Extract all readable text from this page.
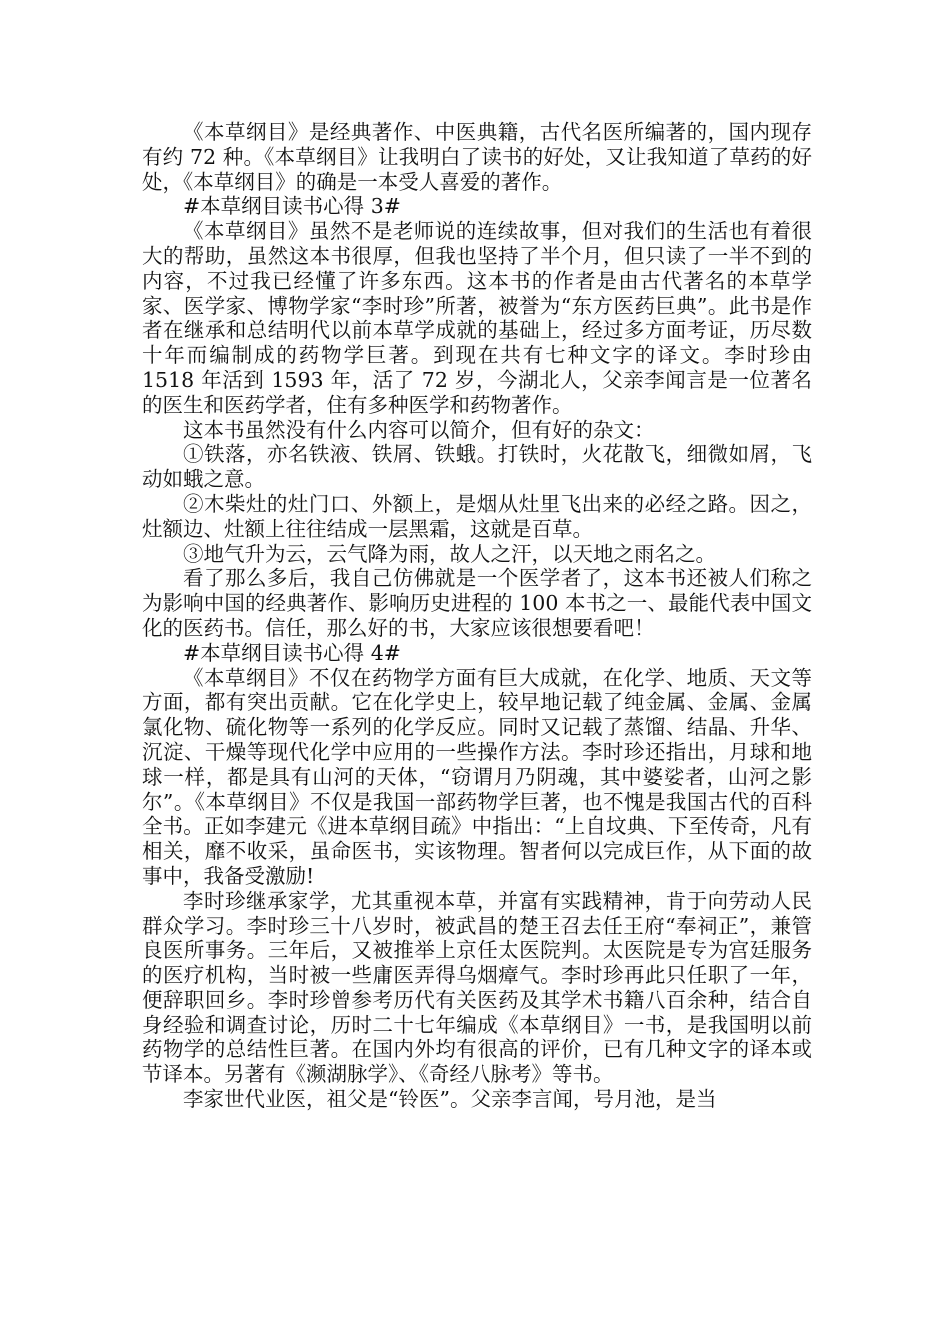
《本草纲目》是经典著作、中医典籍，古代名医所编著的，国内现存有约 72 种。《本草纲目》让我明白了读书的好处，又让我知道了草药的好处，《本草纲目》的确是一本受人喜爱的著作。

#本草纲目读书心得 3#

《本草纲目》虽然不是老师说的连续故事，但对我们的生活也有着很大的帮助，虽然这本书很厚，但我也坚持了半个月，但只读了一半不到的内容，不过我已经懂了许多东西。这本书的作者是由古代著名的本草学家、医学家、博物学家“李时珍”所著，被誉为“东方医药巨典”。此书是作者在继承和总结明代以前本草学成就的基础上，经过多方面考证，历尽数十年而编制成的药物学巨著。到现在共有七种文字的译文。李时珍由 1518 年活到 1593 年，活了 72 岁，今湖北人，父亲李闻言是一位著名的医生和医药学者，住有多种医学和药物著作。

这本书虽然没有什么内容可以简介，但有好的杂文：

①铁落，亦名铁液、铁屑、铁蛾。打铁时，火花散飞，细微如屑，飞动如蛾之意。

②木柴灶的灶门口、外额上，是烟从灶里飞出来的必经之路。因之，灶额边、灶额上往往结成一层黑霜，这就是百草。

③地气升为云，云气降为雨，故人之汗，以天地之雨名之。

看了那么多后，我自己仿佛就是一个医学者了，这本书还被人们称之为影响中国的经典著作、影响历史进程的 100 本书之一、最能代表中国文化的医药书。信任，那么好的书，大家应该很想要看吧！

#本草纲目读书心得 4#

《本草纲目》不仅在药物学方面有巨大成就，在化学、地质、天文等方面，都有突出贡献。它在化学史上，较早地记载了纯金属、金属、金属氯化物、硫化物等一系列的化学反应。同时又记载了蒸馏、结晶、升华、沉淀、干燥等现代化学中应用的一些操作方法。李时珍还指出，月球和地球一样，都是具有山河的天体，“窃谓月乃阴魂，其中婆娑者，山河之影尔”。《本草纲目》不仅是我国一部药物学巨著，也不愧是我国古代的百科全书。正如李建元《进本草纲目疏》中指出：“上自坟典、下至传奇，凡有相关，靡不收采，虽命医书，实该物理。智者何以完成巨作，从下面的故事中，我备受激励!

李时珍继承家学，尤其重视本草，并富有实践精神，肯于向劳动人民群众学习。李时珍三十八岁时，被武昌的楚王召去任王府“奉祠正”，兼管良医所事务。三年后，又被推举上京任太医院判。太医院是专为宫廷服务的医疗机构，当时被一些庸医弄得乌烟瘴气。李时珍再此只任职了一年，便辞职回乡。李时珍曾参考历代有关医药及其学术书籍八百余种，结合自身经验和调查讨论，历时二十七年编成《本草纲目》一书，是我国明以前药物学的总结性巨著。在国内外均有很高的评价，已有几种文字的译本或节译本。另著有《濒湖脉学》、《奇经八脉考》等书。

李家世代业医，祖父是“铃医”。父亲李言闻，号月池，是当
